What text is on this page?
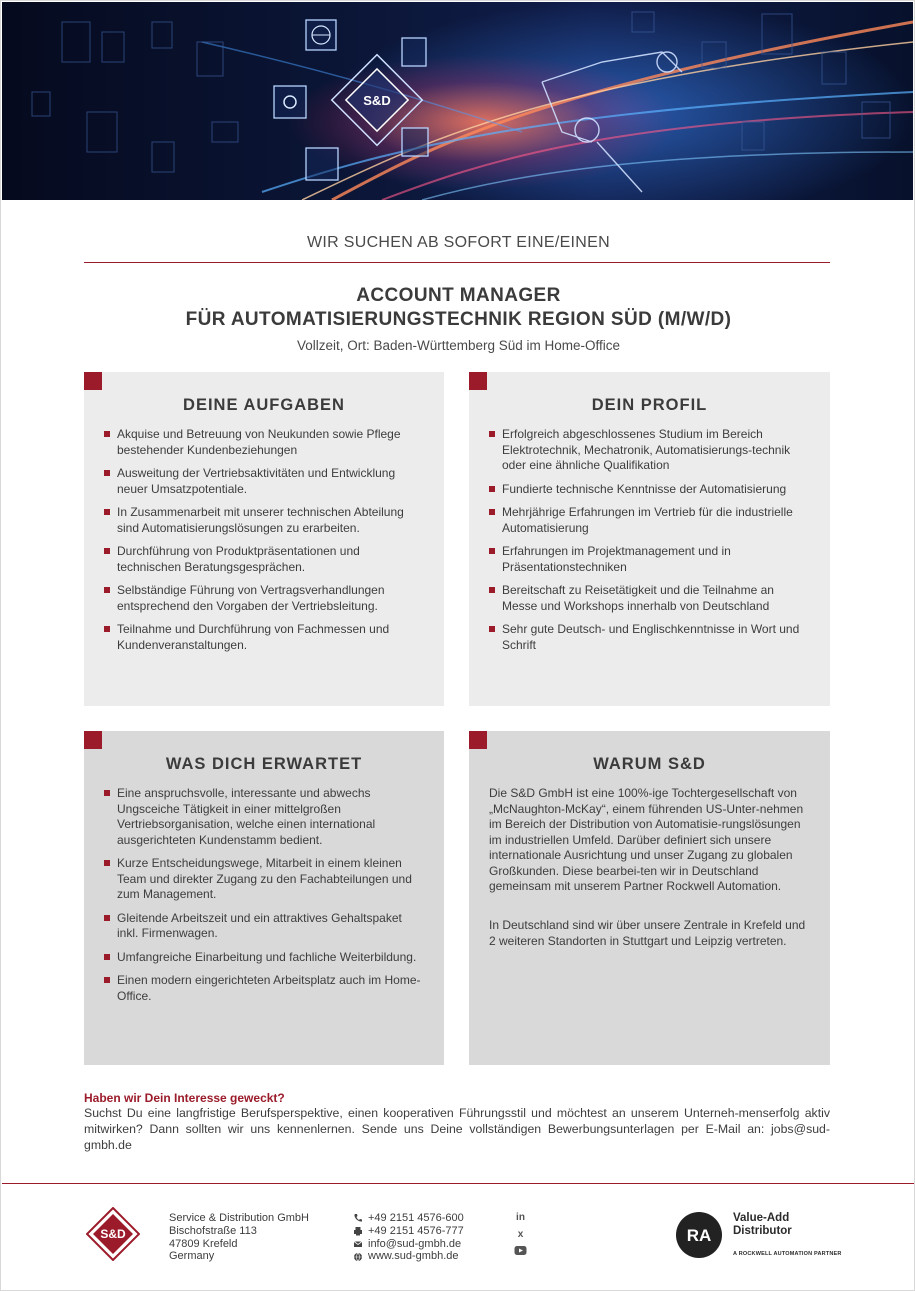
S&D
WIR SUCHEN AB SOFORT EINE/EINEN
ACCOUNT MANAGER
FÜR AUTOMATISIERUNGSTECHNIK REGION SÜD (M/W/D)
Vollzeit, Ort: Baden-Württemberg Süd im Home-Office
DEINE AUFGABEN
Akquise und Betreuung von Neukunden sowie Pflege bestehender Kundenbeziehungen
Ausweitung der Vertriebsaktivitäten und Entwicklung neuer Umsatzpotentiale.
In Zusammenarbeit mit unserer technischen Abteilung sind Automatisierungslösungen zu erarbeiten.
Durchführung von Produktpräsentationen und technischen Beratungsgesprächen.
Selbständige Führung von Vertragsverhandlungen entsprechend den Vorgaben der Vertriebsleitung.
Teilnahme und Durchführung von Fachmessen und Kundenveranstaltungen.
DEIN PROFIL
Erfolgreich abgeschlossenes Studium im Bereich Elektrotechnik, Mechatronik, Automatisierungs-technik oder eine ähnliche Qualifikation
Fundierte technische Kenntnisse der Automatisierung
Mehrjährige Erfahrungen im Vertrieb für die industrielle Automatisierung
Erfahrungen im Projektmanagement und in Präsentationstechniken
Bereitschaft zu Reisetätigkeit und die Teilnahme an Messe und Workshops innerhalb von Deutschland
Sehr gute Deutsch- und Englischkenntnisse in Wort und Schrift
WAS DICH ERWARTET
Eine anspruchsvolle, interessante und abwechs Ungsceiche Tätigkeit in einer mittelgroßen Vertriebsorganisation, welche einen international ausgerichteten Kundenstamm bedient.
Kurze Entscheidungswege, Mitarbeit in einem kleinen Team und direkter Zugang zu den Fachabteilungen und zum Management.
Gleitende Arbeitszeit und ein attraktives Gehaltspaket inkl. Firmenwagen.
Umfangreiche Einarbeitung und fachliche Weiterbildung.
Einen modern eingerichteten Arbeitsplatz auch im Home-Office.
WARUM S&D
Die S&D GmbH ist eine 100%-ige Tochtergesellschaft von „McNaughton-McKay“, einem führenden US-Unter-nehmen im Bereich der Distribution von Automatisie-rungslösungen im industriellen Umfeld. Darüber definiert sich unsere internationale Ausrichtung und unser Zugang zu globalen Großkunden. Diese bearbei-ten wir in Deutschland gemeinsam mit unserem Partner Rockwell Automation.
In Deutschland sind wir über unsere Zentrale in Krefeld und 2 weiteren Standorten in Stuttgart und Leipzig vertreten.
Haben wir Dein Interesse geweckt?
Suchst Du eine langfristige Berufsperspektive, einen kooperativen Führungsstil und möchtest an unserem Unterneh-menserfolg aktiv mitwirken? Dann sollten wir uns kennenlernen. Sende uns Deine vollständigen Bewerbungsunterlagen per E-Mail an: jobs@sud-gmbh.de
S&D
Service & Distribution GmbH
Bischofstraße 113
47809 Krefeld
Germany
+49 2151 4576-600
+49 2151 4576-777
info@sud-gmbh.de
www.sud-gmbh.de
in
x	RA
Value-Add
Distributor
A ROCKWELL AUTOMATION PARTNER
